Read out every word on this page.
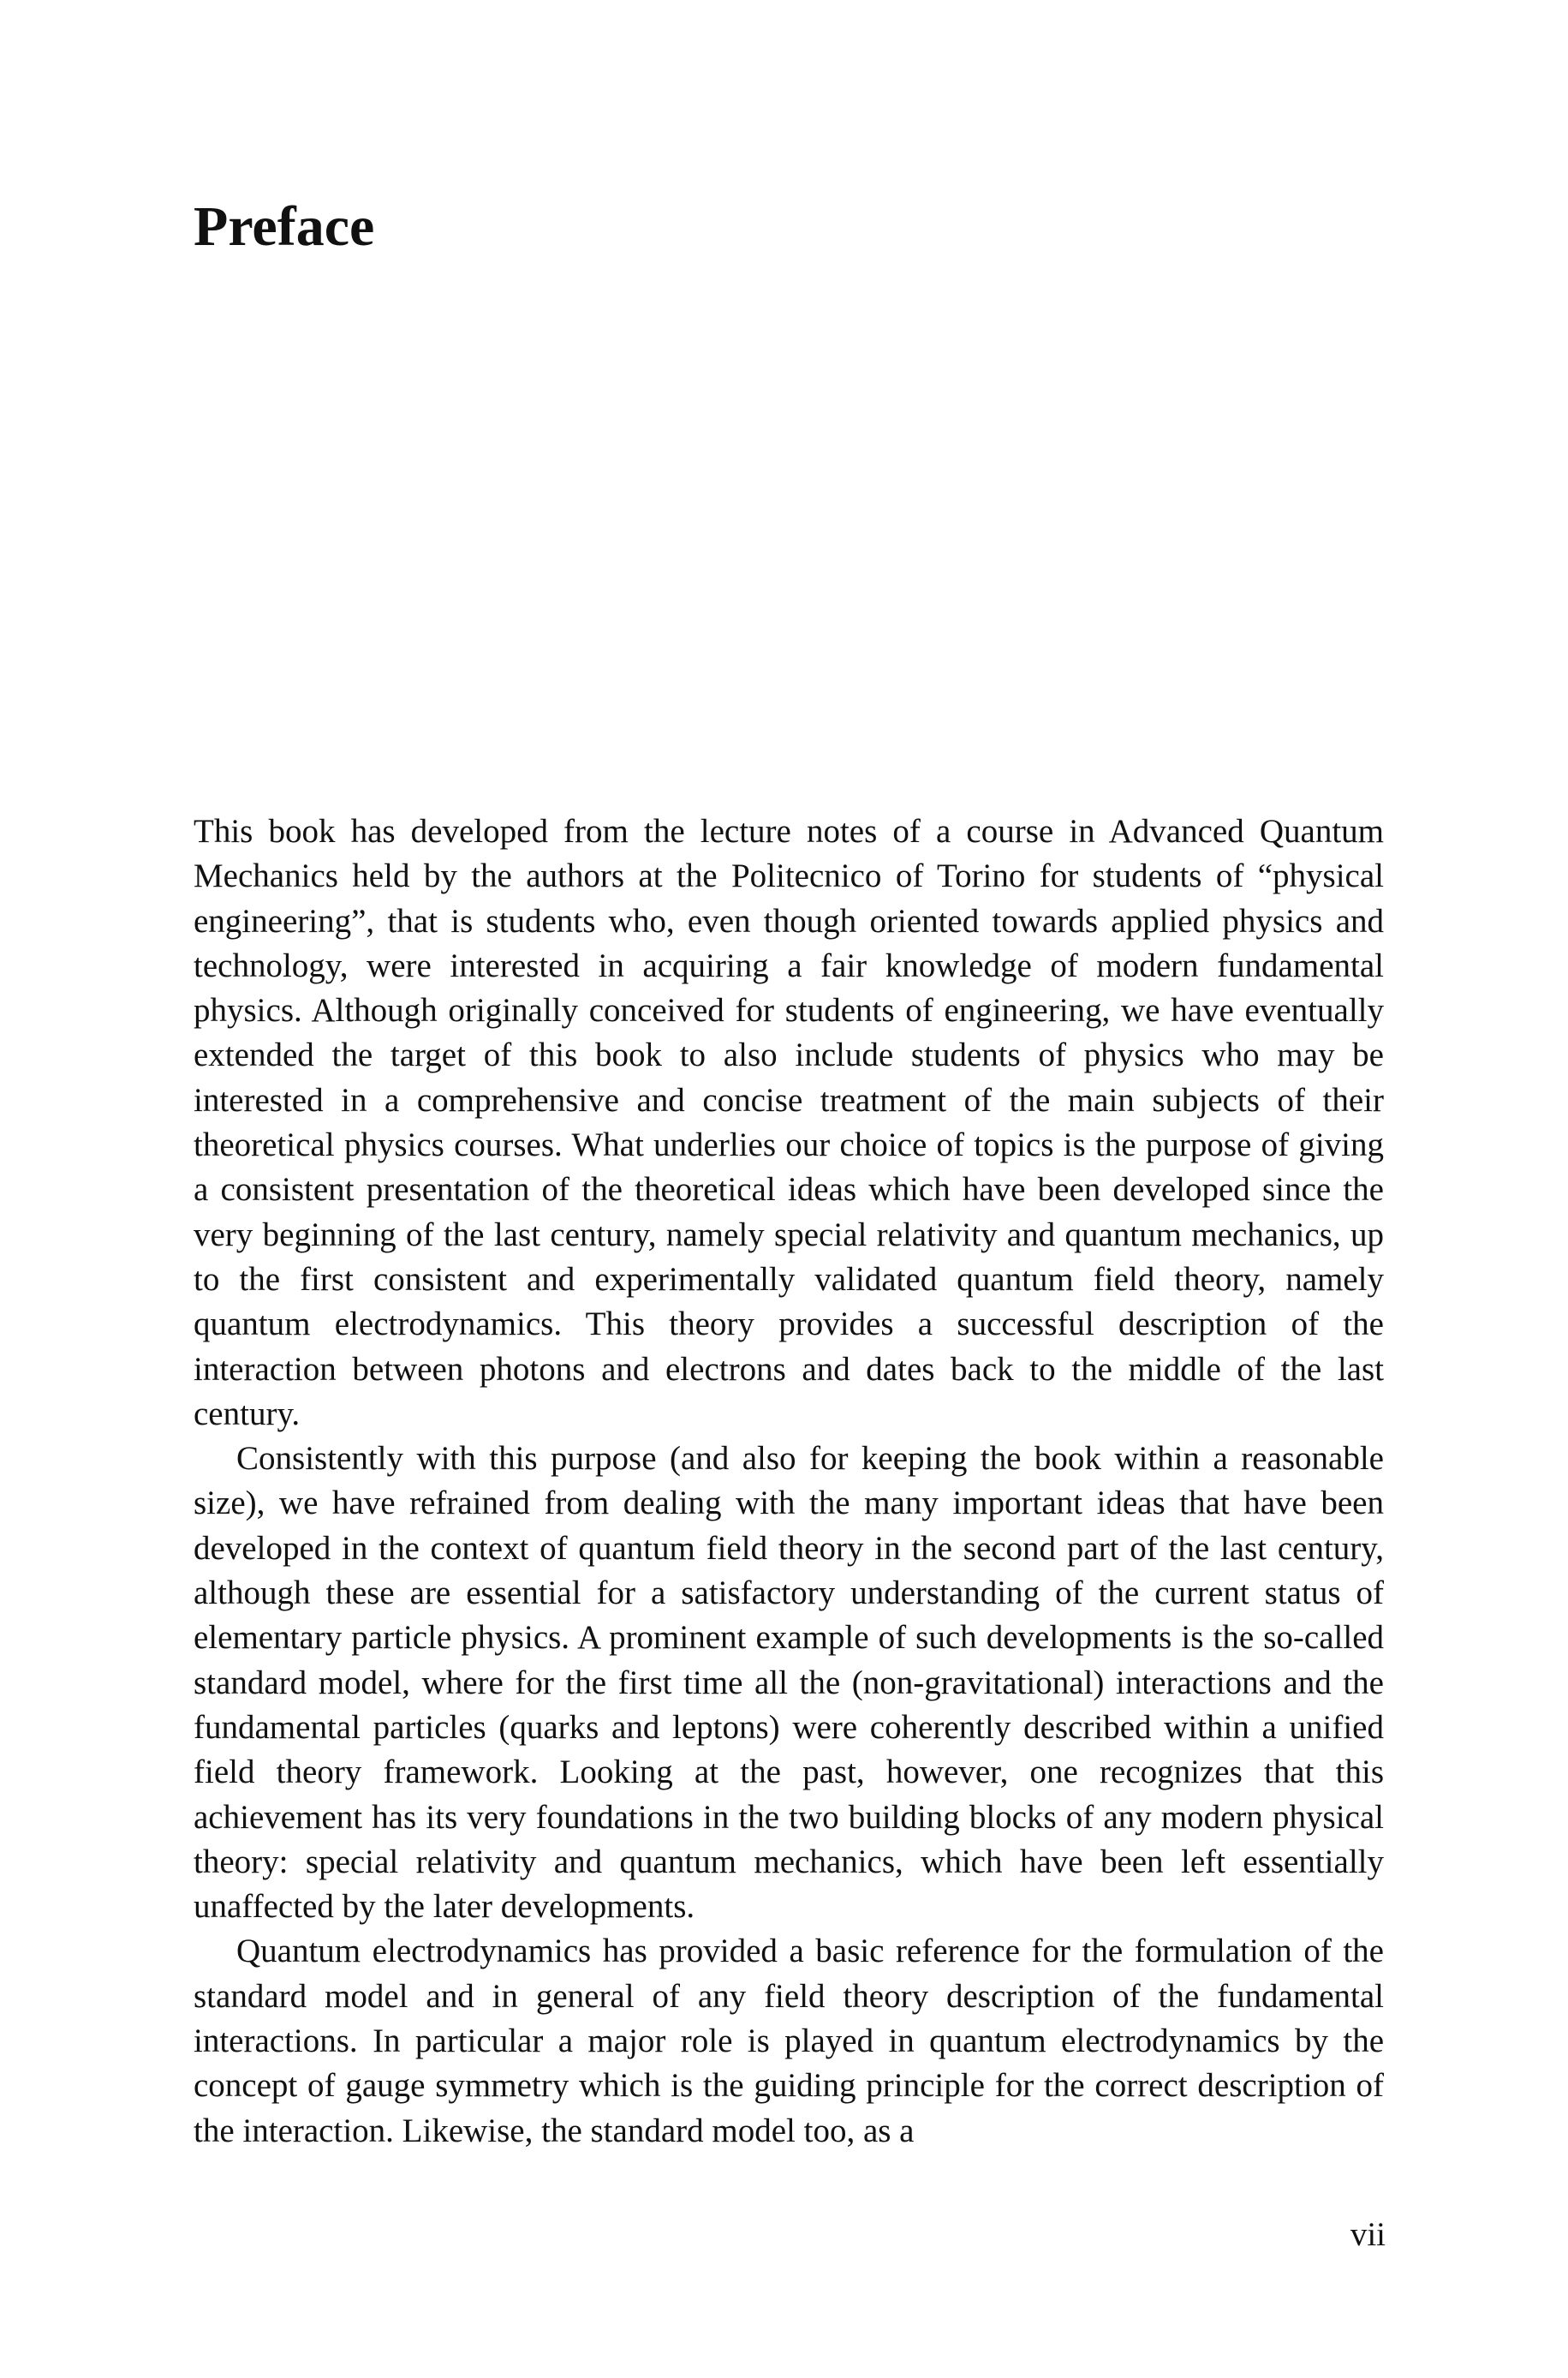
Preface

This book has developed from the lecture notes of a course in Advanced Quantum Mechanics held by the authors at the Politecnico of Torino for students of “physical engineering”, that is students who, even though oriented towards applied physics and technology, were interested in acquiring a fair knowledge of modern fundamental physics. Although originally conceived for students of engineering, we have eventually extended the target of this book to also include students of physics who may be interested in a comprehensive and concise treatment of the main subjects of their theoretical physics courses. What underlies our choice of topics is the purpose of giving a consistent presentation of the theoretical ideas which have been developed since the very beginning of the last century, namely special relativity and quantum mechanics, up to the first consistent and experimentally validated quantum field theory, namely quantum electrodynamics. This theory provides a successful description of the interaction between photons and electrons and dates back to the middle of the last century.

Consistently with this purpose (and also for keeping the book within a reasonable size), we have refrained from dealing with the many important ideas that have been developed in the context of quantum field theory in the second part of the last century, although these are essential for a satisfactory understanding of the current status of elementary particle physics. A prominent example of such developments is the so-called standard model, where for the first time all the (non-gravitational) interactions and the fundamental particles (quarks and leptons) were coherently described within a unified field theory framework. Looking at the past, however, one recognizes that this achievement has its very foundations in the two building blocks of any modern physical theory: special relativity and quantum mechanics, which have been left essentially unaffected by the later developments.

Quantum electrodynamics has provided a basic reference for the formulation of the standard model and in general of any field theory description of the fundamental interactions. In particular a major role is played in quantum electrodynamics by the concept of gauge symmetry which is the guiding principle for the correct description of the interaction. Likewise, the standard model too, as a

vii
